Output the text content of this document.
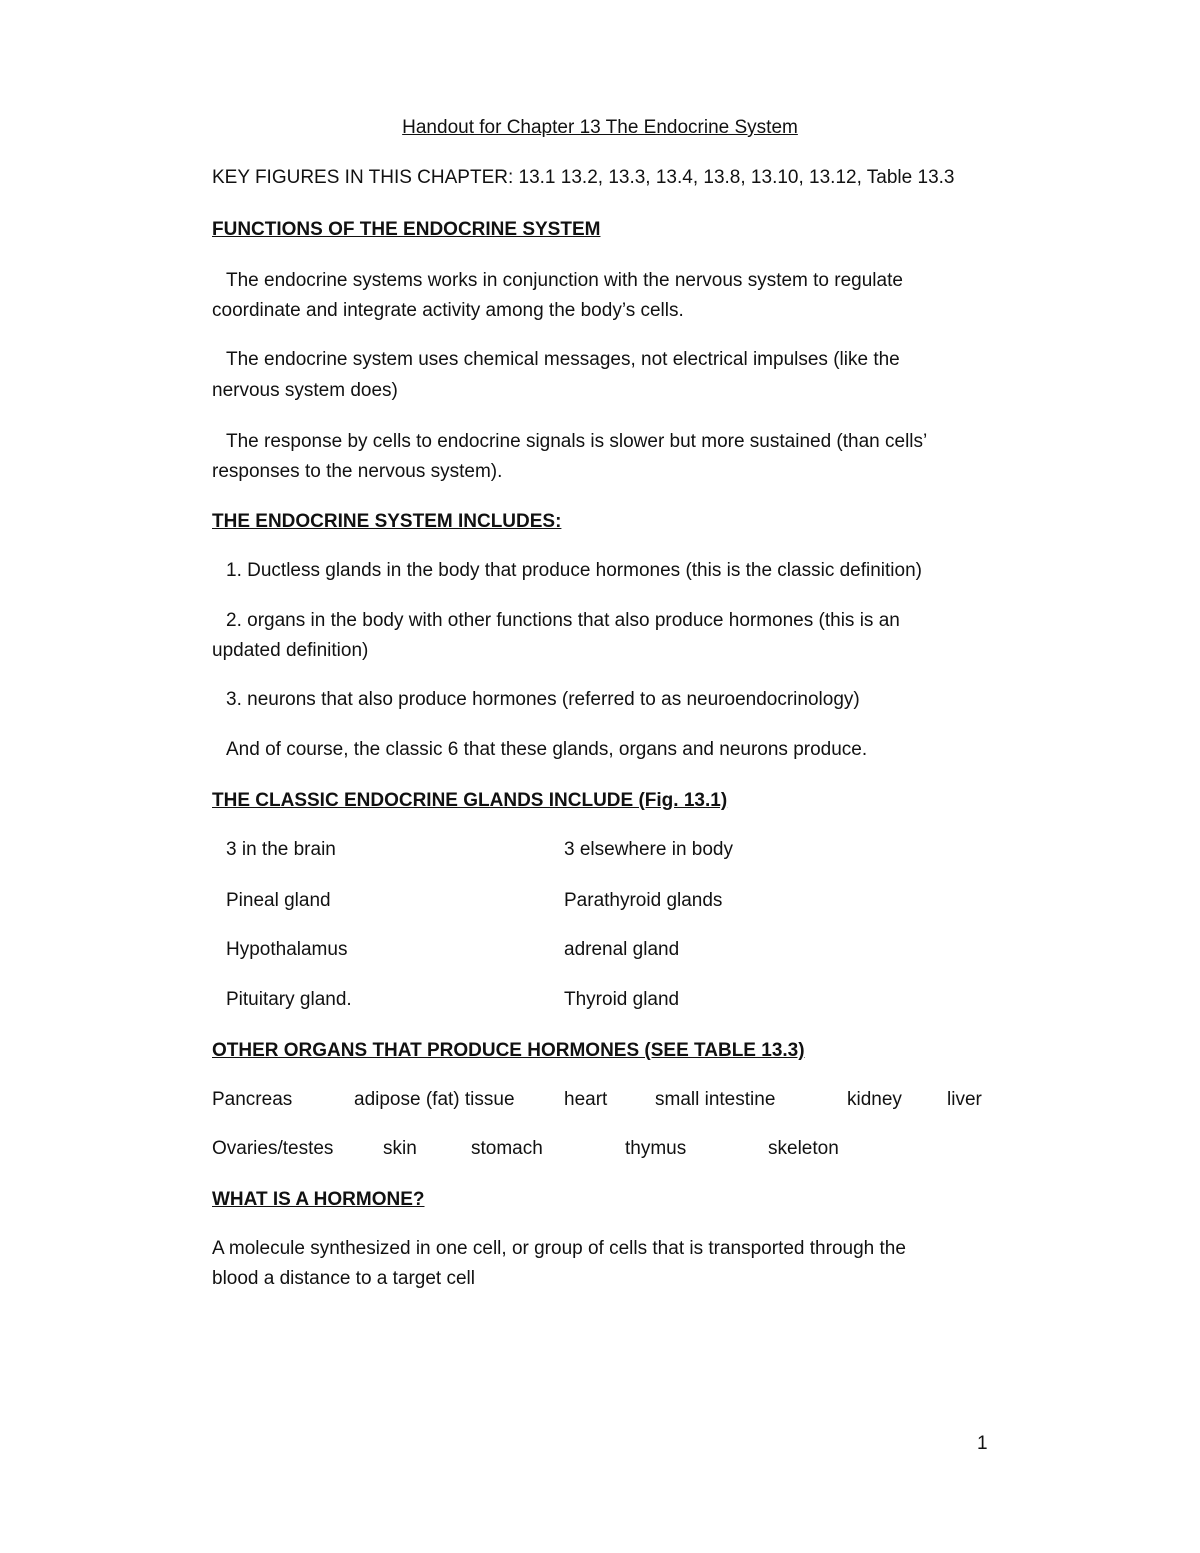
Handout for Chapter 13 The Endocrine System

KEY FIGURES IN THIS CHAPTER: 13.1 13.2, 13.3, 13.4, 13.8, 13.10, 13.12, Table 13.3

FUNCTIONS OF THE ENDOCRINE SYSTEM

The endocrine systems works in conjunction with the nervous system to regulate

coordinate and integrate activity among the body’s cells.

The endocrine system uses chemical messages, not electrical impulses (like the

nervous system does)

The response by cells to endocrine signals is slower but more sustained (than cells’

responses to the nervous system).

THE ENDOCRINE SYSTEM INCLUDES:

1. Ductless glands in the body that produce hormones (this is the classic definition)

2. organs in the body with other functions that also produce hormones (this is an

updated definition)

3. neurons that also produce hormones (referred to as neuroendocrinology)

And of course, the classic 6 that these glands, organs and neurons produce.

THE CLASSIC ENDOCRINE GLANDS INCLUDE (Fig. 13.1)

3 in the brain	3 elsewhere in body
Pineal gland	Parathyroid glands
Hypothalamus	adrenal gland
Pituitary gland.	Thyroid gland

OTHER ORGANS THAT PRODUCE HORMONES (SEE TABLE 13.3)

Pancreas	adipose (fat) tissue	heart	small intestine	kidney liver
Ovaries/testes	skin	stomach	thymus	skeleton

WHAT IS A HORMONE?

A molecule synthesized in one cell, or group of cells that is transported through the

blood a distance to a target cell

1
